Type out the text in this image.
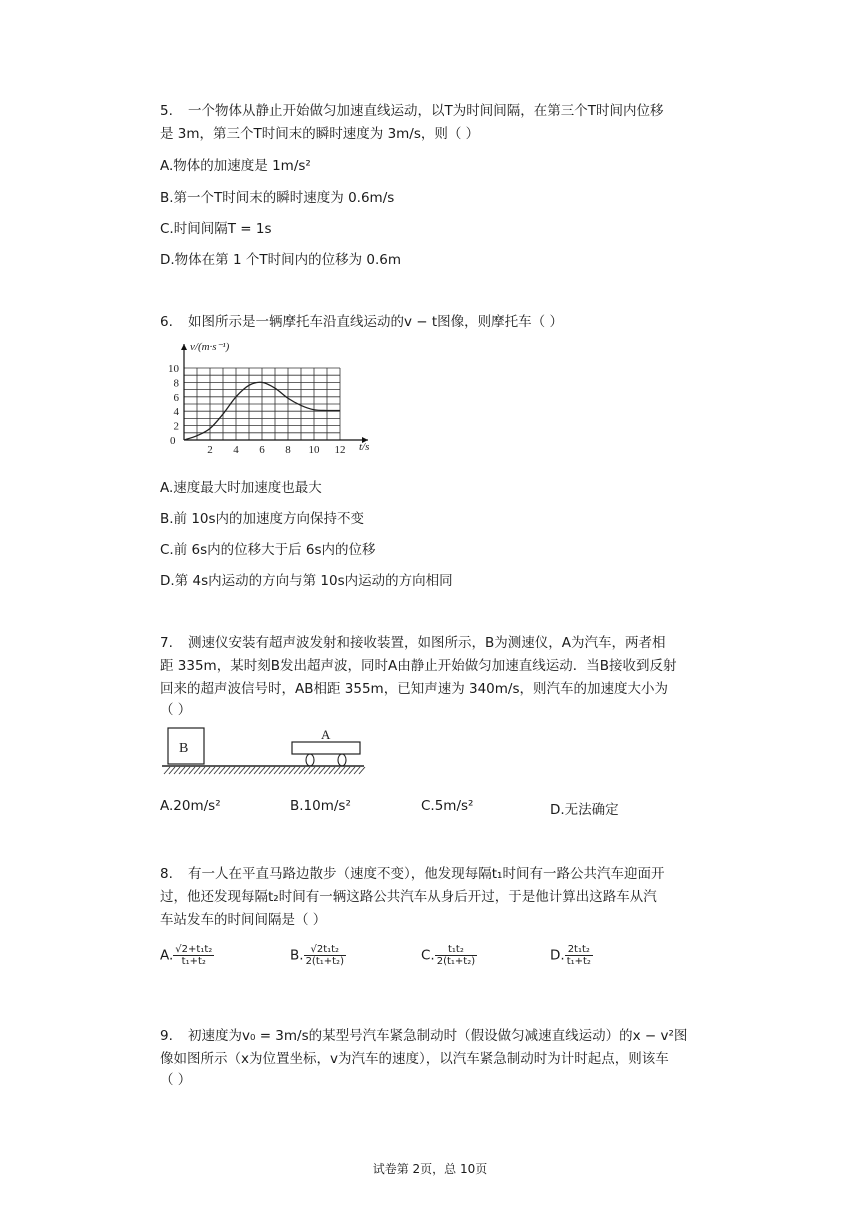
5. 一个物体从静止开始做匀加速直线运动，以T为时间间隔，在第三个T时间内位移
是 3m，第三个T时间末的瞬时速度为 3m/s，则（ ）
A.物体的加速度是 1m/s²
B.第一个T时间末的瞬时速度为 0.6m/s
C.时间间隔T = 1s
D.物体在第 1 个T时间内的位移为 0.6m
6. 如图所示是一辆摩托车沿直线运动的v − t图像，则摩托车（ ）
2 4 6 8 10 12
2
4
6
8
10
v/(m·s⁻¹)
t/s
0
A.速度最大时加速度也最大
B.前 10s内的加速度方向保持不变
C.前 6s内的位移大于后 6s内的位移
D.第 4s内运动的方向与第 10s内运动的方向相同
7. 测速仪安装有超声波发射和接收装置，如图所示，B为测速仪，A为汽车，两者相
距 335m，某时刻B发出超声波，同时A由静止开始做匀加速直线运动．当B接收到反射
回来的超声波信号时，AB相距 355m，已知声速为 340m/s，则汽车的加速度大小为
（ ）
B
A
A.20m/s²	B.10m/s²	C.5m/s²	D.无法确定
8. 有一人在平直马路边散步（速度不变），他发现每隔t₁时间有一路公共汽车迎面开
过，他还发现每隔t₂时间有一辆这路公共汽车从身后开过，于是他计算出这路车从汽
车站发车的时间间隔是（ ）
A. $\frac{\text{√2+t₁t₂}}{\text{t₁+t₂}}$	B. $\frac{\text{√2t₁t₂}}{\text{2(t₁+t₂)}}$	C. $\frac{\text{t₁t₂}}{\text{2(t₁+t₂)}}$	D. $\frac{\text{2t₁t₂}}{\text{t₁+t₂}}$
9. 初速度为v₀ = 3m/s的某型号汽车紧急制动时（假设做匀减速直线运动）的x − v²图
像如图所示（x为位置坐标，v为汽车的速度），以汽车紧急制动时为计时起点，则该车
（ ）
试卷第 2页，总 10页
